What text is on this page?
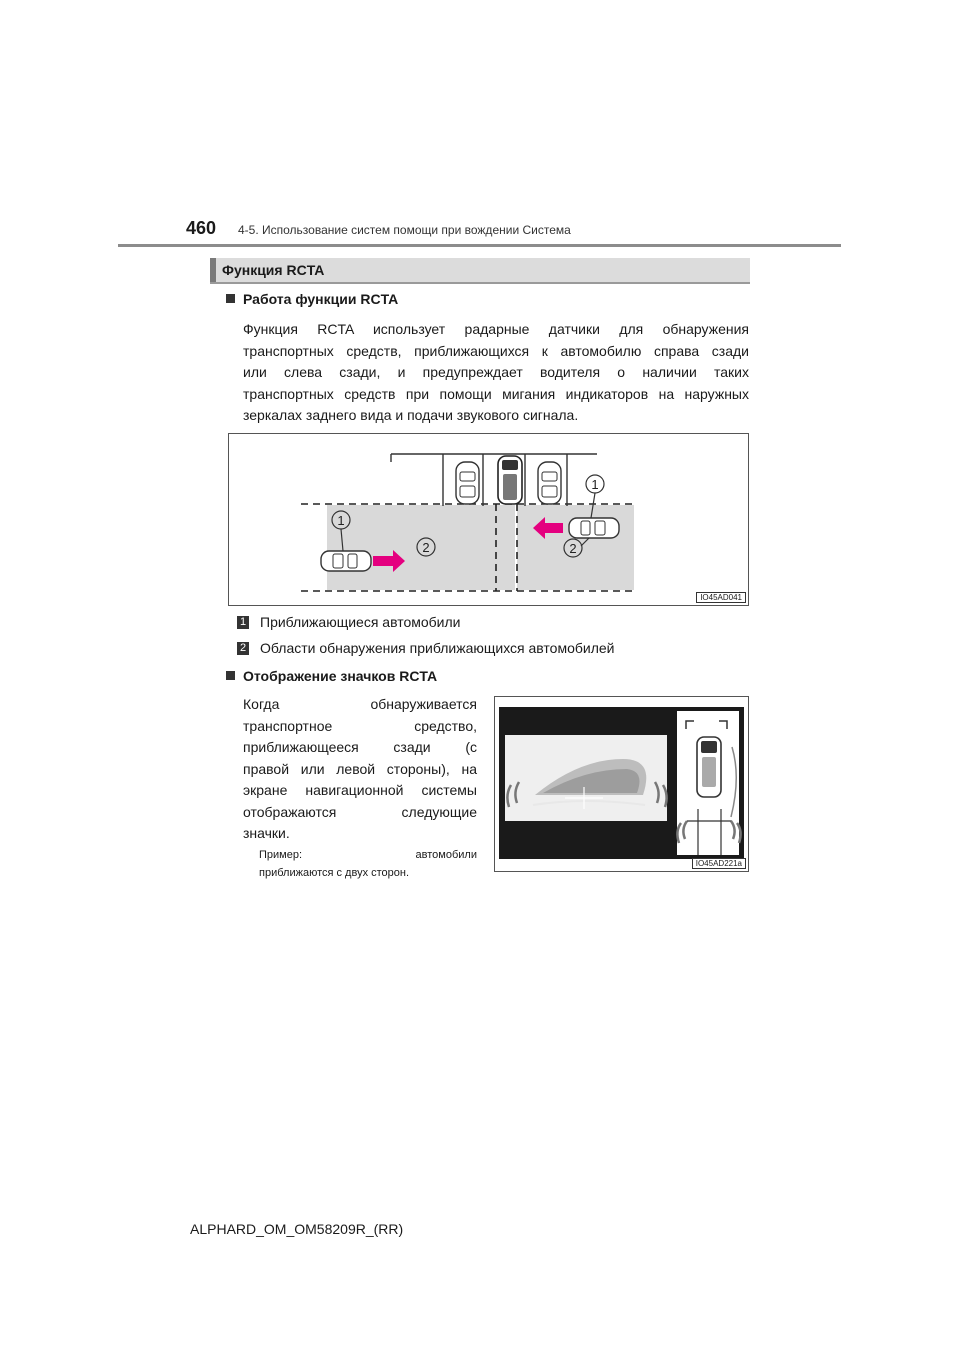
460 4-5. Использование систем помощи при вождении Система
Функция RCTA
Работа функции RCTA
Функция RCTA использует радарные датчики для обнаружения
транспортных средств, приближающихся к автомобилю справа сзади
или слева сзади, и предупреждает водителя о наличии таких
транспортных средств при помощи мигания индикаторов на наружных
зеркалах заднего вида и подачи звукового сигнала.
1
1
2	2
IO45AD041
1 Приближающиеся автомобили
2 Области обнаружения приближающихся автомобилей
Отображение значков RCTA
Когда обнаруживается
транспортное средство,
приближающееся сзади (с
правой или левой стороны), на
экране навигационной системы
отображаются следующие
значки.
Пример: автомобили
приближаются с двух сторон.
IO45AD221a
ALPHARD_OM_OM58209R_(RR)
